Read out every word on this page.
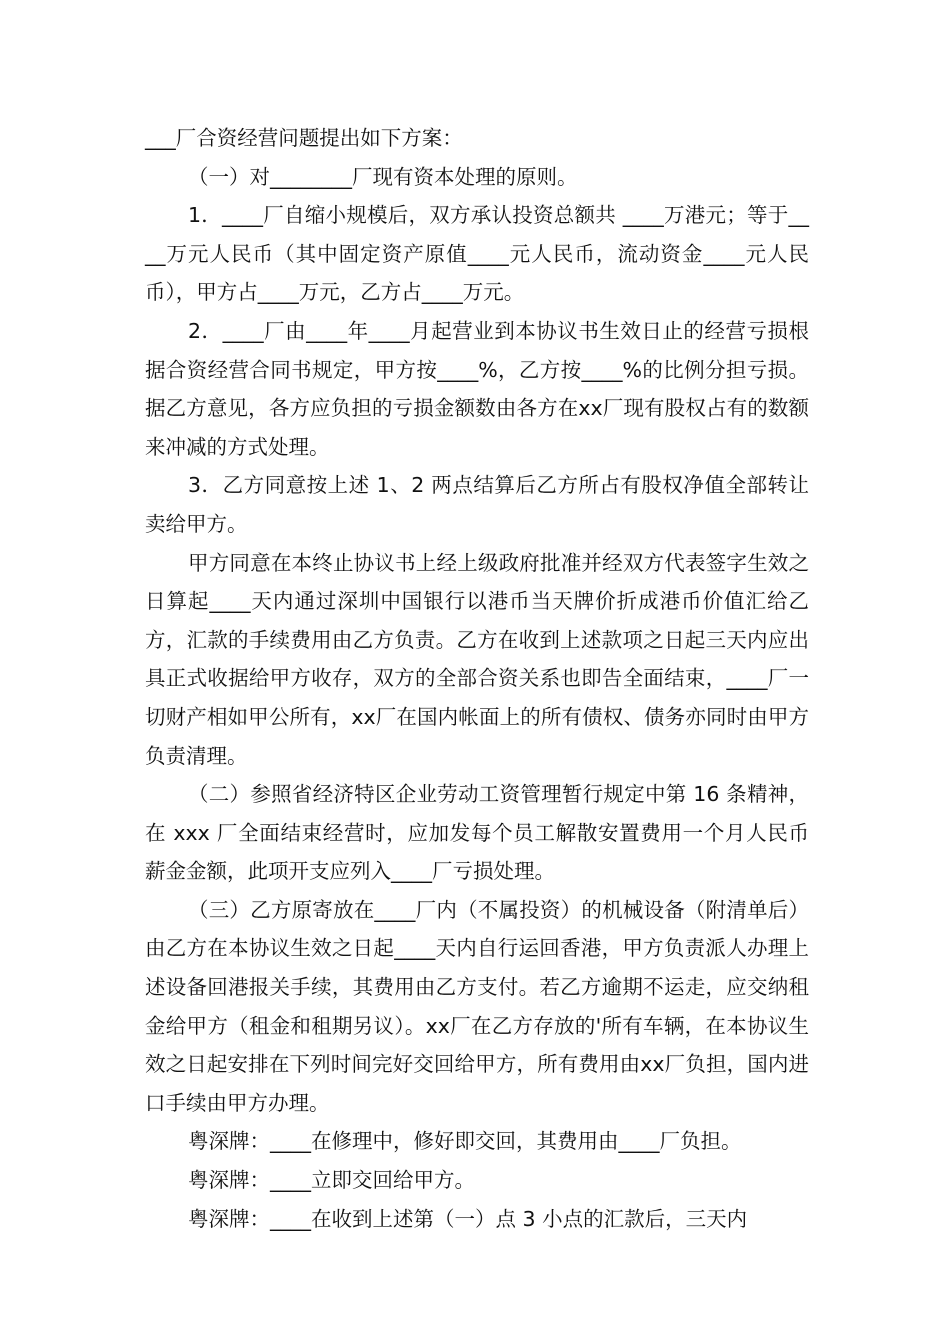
___厂合资经营问题提出如下方案：

（一）对________厂现有资本处理的原则。

1．____厂自缩小规模后，双方承认投资总额共 ____万港元；等于____万元人民币（其中固定资产原值____元人民币，流动资金____元人民币），甲方占____万元，乙方占____万元。

2．____厂由____年____月起营业到本协议书生效日止的经营亏损根据合资经营合同书规定，甲方按____%，乙方按____%的比例分担亏损。据乙方意见，各方应负担的亏损金额数由各方在xx厂现有股权占有的数额来冲减的方式处理。

3．乙方同意按上述 1、2 两点结算后乙方所占有股权净值全部转让卖给甲方。

甲方同意在本终止协议书上经上级政府批准并经双方代表签字生效之日算起____天内通过深圳中国银行以港币当天牌价折成港币价值汇给乙方，汇款的手续费用由乙方负责。乙方在收到上述款项之日起三天内应出具正式收据给甲方收存，双方的全部合资关系也即告全面结束，____厂一切财产相如甲公所有，xx厂在国内帐面上的所有债权、债务亦同时由甲方负责清理。

（二）参照省经济特区企业劳动工资管理暂行规定中第 16 条精神，在 xxx 厂全面结束经营时，应加发每个员工解散安置费用一个月人民币薪金金额，此项开支应列入____厂亏损处理。

（三）乙方原寄放在____厂内（不属投资）的机械设备（附清单后）由乙方在本协议生效之日起____天内自行运回香港，甲方负责派人办理上述设备回港报关手续，其费用由乙方支付。若乙方逾期不运走，应交纳租金给甲方（租金和租期另议）。xx厂在乙方存放的'所有车辆，在本协议生效之日起安排在下列时间完好交回给甲方，所有费用由xx厂负担，国内进口手续由甲方办理。

粤深牌：____在修理中，修好即交回，其费用由____厂负担。

粤深牌：____立即交回给甲方。

粤深牌：____在收到上述第（一）点 3 小点的汇款后，三天内
